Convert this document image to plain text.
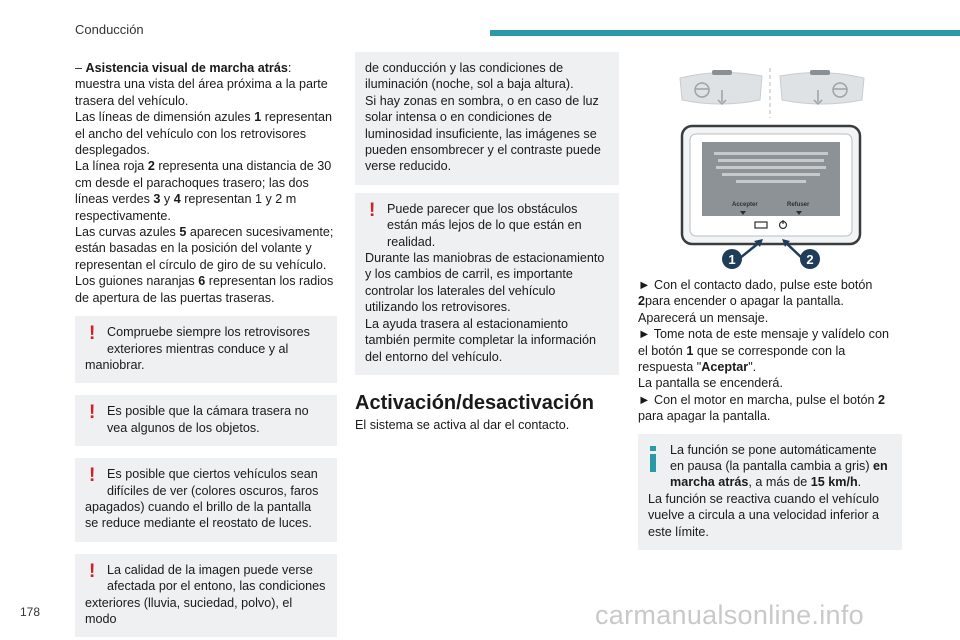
Conducción

– Asistencia visual de marcha atrás: muestra una vista del área próxima a la parte trasera del vehículo.

Las líneas de dimensión azules 1 representan el ancho del vehículo con los retrovisores desplegados.

La línea roja 2 representa una distancia de 30 cm desde el parachoques trasero; las dos líneas verdes 3 y 4 representan 1 y 2 m respectivamente.

Las curvas azules 5 aparecen sucesivamente; están basadas en la posición del volante y representan el círculo de giro de su vehículo.

Los guiones naranjas 6 representan los radios de apertura de las puertas traseras.

! Compruebe siempre los retrovisores exteriores mientras conduce y al
maniobrar.
! Es posible que la cámara trasera no vea algunos de los objetos.
! Es posible que ciertos vehículos sean difíciles de ver (colores oscuros, faros
apagados) cuando el brillo de la pantalla se reduce mediante el reostato de luces.
! La calidad de la imagen puede verse afectada por el entono, las condiciones
exteriores (lluvia, suciedad, polvo), el modo

de conducción y las condiciones de iluminación (noche, sol a baja altura).

Si hay zonas en sombra, o en caso de luz solar intensa o en condiciones de luminosidad insuficiente, las imágenes se pueden ensombrecer y el contraste puede verse reducido.

! Puede parecer que los obstáculos están más lejos de lo que están en realidad.
Durante las maniobras de estacionamiento y los cambios de carril, es importante controlar los laterales del vehículo utilizando los retrovisores.
La ayuda trasera al estacionamiento también permite completar la información del entorno del vehículo.
Activación/desactivación

El sistema se activa al dar el contacto.

Accepter	Refuser
1	2

► Con el contacto dado, pulse este botón 2para encender o apagar la pantalla.

Aparecerá un mensaje.

► Tome nota de este mensaje y valídelo con el botón 1 que se corresponde con la respuesta "Aceptar".

La pantalla se encenderá.

► Con el motor en marcha, pulse el botón 2 para apagar la pantalla.

La función se pone automáticamente en pausa (la pantalla cambia a gris) en marcha atrás, a más de 15 km/h.
La función se reactiva cuando el vehículo vuelve a circula a una velocidad inferior a este límite.
178	carmanualsonline.info
